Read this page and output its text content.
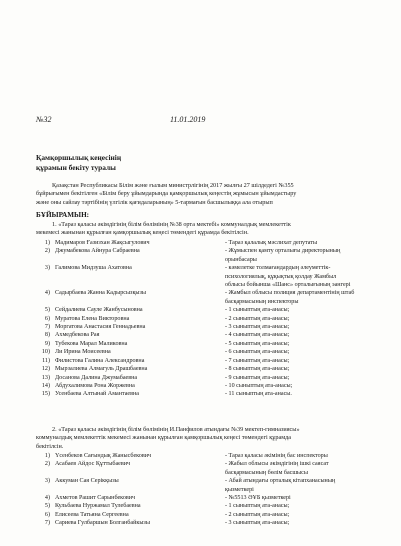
№32	11.01.2019
Қамқоршылық кеңесінің
құрамын бекіту туралы
Қазақстан Республикасы Білім және ғылым министрлігінің 2017 жылғы 27 шілдедегі №355
бұйрығымен бекітілген «Білім беру ұйымдарында қамқоршылық кеңестің жұмысын ұйымдастыру
және оны сайлау тәртібінің үлгілік қағидаларының» 5-тармағын басшылыққа ала отырып
БҰЙЫРАМЫН:
1. «Тараз қаласы әкімдігінің білім бөлімінің №38 орта мектебі» коммуналдық мемлекеттік
мекемесі жанынан құрылған қамқоршылық кеңесі төмендегі құрамда бекітілсін.
1) Мадимаров Ғазизхан Жақсыгулович	- Тараз қалалық мәслихат депутаты
2) Джумабекова Айнура Сабраевна	- Жұмыспен қамту орталығы директорының
орынбасары
3) Галимова Мидзуша Ахатовна	- кәмелетке толмағандардың әлеуметтік-
психологиялық, құқықтық қолдау Жамбыл
облысы бойынша «Шанс» орталығының эангері
4) Садырбаева Жанна Кадырсызқызы	- Жамбыл облысы полиция департаментінің штаб
басқармасының инспекторы
5) Сейдалиева Сауле Жанбусыновна	- 1 сыныптың ата-анасы;
6) Муратова Елена Викторовна	- 2 сыныптың ата-анасы;
7) Моргатова Анастасия Геннадьевна	- 3 сыныптың ата-анасы;
8) Ахмедбекова Рая	- 4 сыныптың ата-анасы;
9) Тубекова Марал Маликовна	- 5 сыныптың ата-анасы;
10) Ли Ирина Моисеевна	- 6 сыныптың ата-анасы;
11) Филистова Галина Александровна	- 7 сыныптың ата-анасы;
12) Мырзалиева Алмагуль Драшбаевна	- 8 сыныптың ата-анасы;
13) Досанова Далина Джумабаевна	- 9 сыныптың ата-анасы;
14) Абдухалимова Рона Жоржевна	- 10 сыныптың ата-анасы;
15) Усенбаева Алтынай Амантаевна	- 11 сыныптың ата-анасы.
2. «Тараз қаласы әкімдігінің білім бөлімінің И.Панфилов атындағы №39 мектеп-гимназиясы»
коммуналдық мемлекеттік мекемесі жанынан құрылған қамқоршылық кеңесі төмендегі құрамда
бекітілсін.
1) Үсенбеков Сағындық Жанысбекович	- Тараз қаласы әкімінің бас инспекторы
2) Асабаев Айдос Құттыбаевич	- Жабыл облысы әкімдігінің ішкі саясат
басқармасының бөлім басшысы
3) Аккуман Сая Серікқызы	- Абай атындағы орталық кітапханасының
қызметкері
4) Ахметов Рашит Сарынбекович	- №5513 ӘҰБ қызметкері
5) Кульбаева Нуржамал Тулебаевна	- 1 сыныптың ата-анасы;
6) Елисеева Татьяна Сергеевна	- 2 сыныптың ата-анасы;
7) Сариева Гулбаршын Болганбайкызы	- 3 сыныптың ата-анасы;
